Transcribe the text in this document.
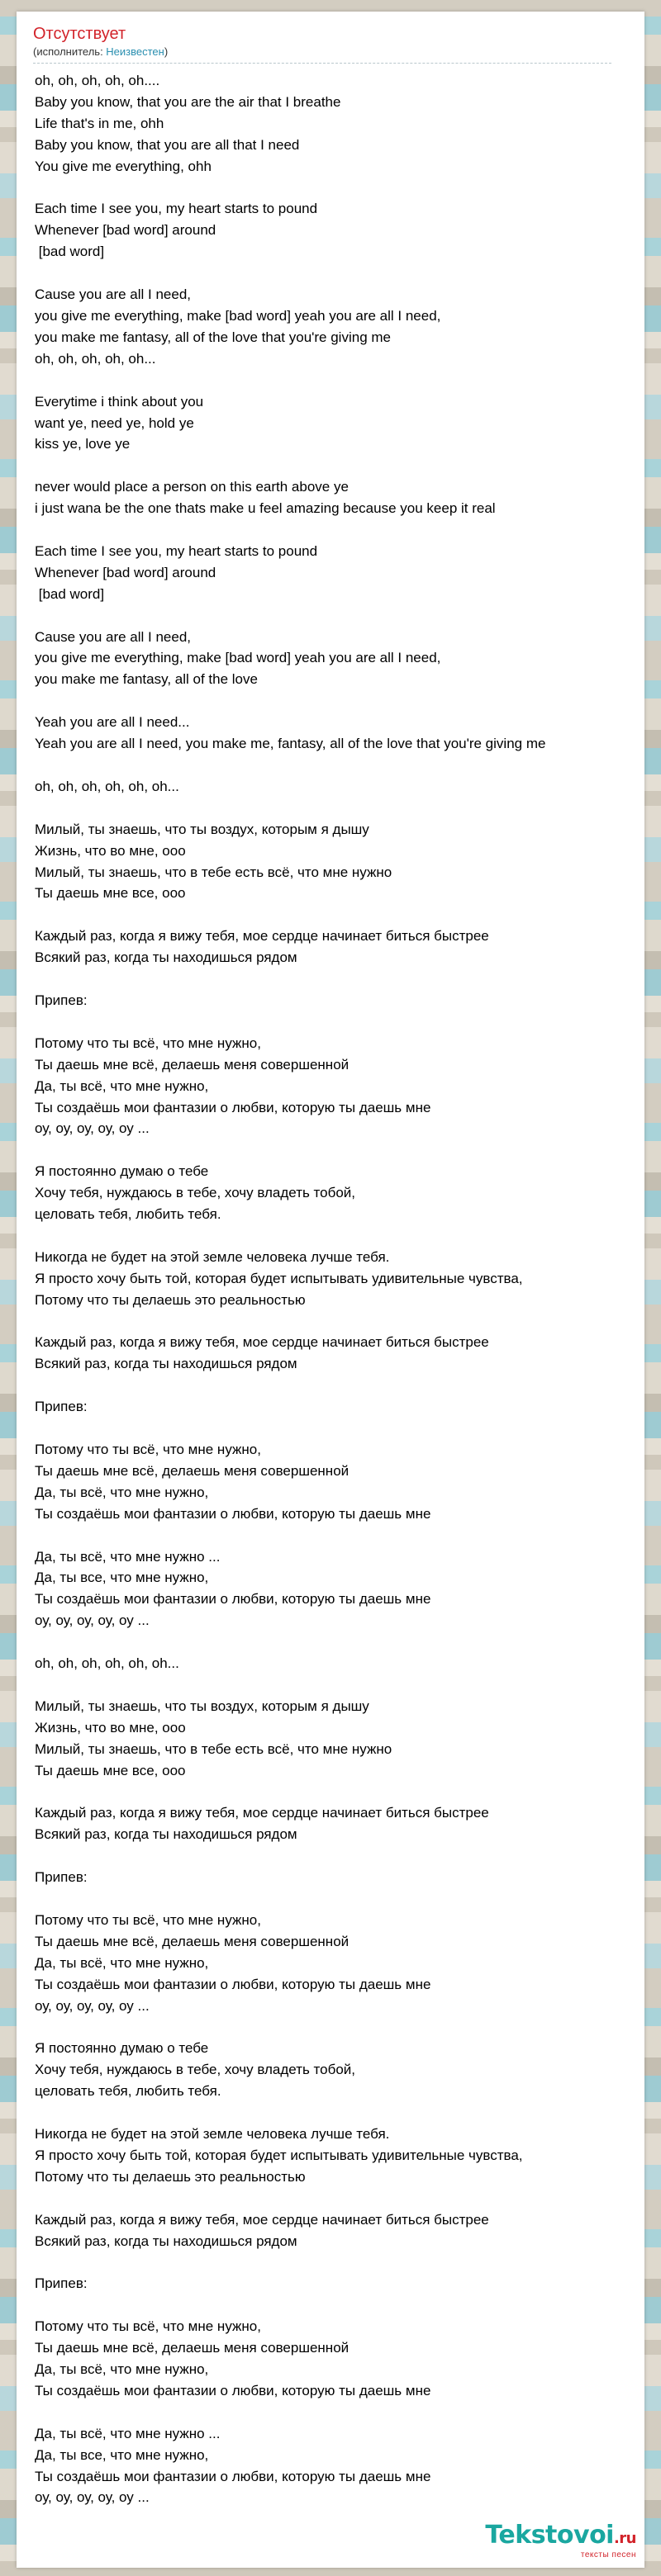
Отсутствует
(исполнитель: Неизвестен)
oh, oh, oh, oh, oh....
Baby you know, that you are the air that I breathe
Life that's in me, ohh
Baby you know, that you are all that I need
You give me everything, ohh

Each time I see you, my heart starts to pound
Whenever [bad word] around
[bad word]

Cause you are all I need,
you give me everything, make [bad word] yeah you are all I need,
you make me fantasy, all of the love that you're giving me
oh, oh, oh, oh, oh...

Everytime i think about you
want ye, need ye, hold ye
kiss ye, love ye

never would place a person on this earth above ye
i just wana be the one thats make u feel amazing because you keep it real

Each time I see you, my heart starts to pound
Whenever [bad word] around
[bad word]

Cause you are all I need,
you give me everything, make [bad word] yeah you are all I need,
you make me fantasy, all of the love

Yeah you are all I need...
Yeah you are all I need, you make me, fantasy, all of the love that you're giving me

oh, oh, oh, oh, oh, oh...

Милый, ты знаешь, что ты воздух, которым я дышу
Жизнь, что во мне, ооо
Милый, ты знаешь, что в тебе есть всё, что мне нужно
Ты даешь мне все, ооо

Каждый раз, когда я вижу тебя, мое сердце начинает биться быстрее
Всякий раз, когда ты находишься рядом

Припев:

Потому что ты всё, что мне нужно,
Ты даешь мне всё, делаешь меня совершенной
Да, ты всё, что мне нужно,
Ты создаёшь мои фантазии о любви, которую ты даешь мне
оу, оу, оу, оу, оу ...

Я постоянно думаю о тебе
Хочу тебя, нуждаюсь в тебе, хочу владеть тобой,
целовать тебя, любить тебя.

Никогда не будет на этой земле человека лучше тебя.
Я просто хочу быть той, которая будет испытывать удивительные чувства,
Потому что ты делаешь это реальностью

Каждый раз, когда я вижу тебя, мое сердце начинает биться быстрее
Всякий раз, когда ты находишься рядом

Припев:

Потому что ты всё, что мне нужно,
Ты даешь мне всё, делаешь меня совершенной
Да, ты всё, что мне нужно,
Ты создаёшь мои фантазии о любви, которую ты даешь мне

Да, ты всё, что мне нужно ...
Да, ты все, что мне нужно,
Ты создаёшь мои фантазии о любви, которую ты даешь мне
оу, оу, оу, оу, оу ...

oh, oh, oh, oh, oh, oh...

Милый, ты знаешь, что ты воздух, которым я дышу
Жизнь, что во мне, ооо
Милый, ты знаешь, что в тебе есть всё, что мне нужно
Ты даешь мне все, ооо

Каждый раз, когда я вижу тебя, мое сердце начинает биться быстрее
Всякий раз, когда ты находишься рядом

Припев:

Потому что ты всё, что мне нужно,
Ты даешь мне всё, делаешь меня совершенной
Да, ты всё, что мне нужно,
Ты создаёшь мои фантазии о любви, которую ты даешь мне
оу, оу, оу, оу, оу ...

Я постоянно думаю о тебе
Хочу тебя, нуждаюсь в тебе, хочу владеть тобой,
целовать тебя, любить тебя.

Никогда не будет на этой земле человека лучше тебя.
Я просто хочу быть той, которая будет испытывать удивительные чувства,
Потому что ты делаешь это реальностью

Каждый раз, когда я вижу тебя, мое сердце начинает биться быстрее
Всякий раз, когда ты находишься рядом

Припев:

Потому что ты всё, что мне нужно,
Ты даешь мне всё, делаешь меня совершенной
Да, ты всё, что мне нужно,
Ты создаёшь мои фантазии о любви, которую ты даешь мне

Да, ты всё, что мне нужно ...
Да, ты все, что мне нужно,
Ты создаёшь мои фантазии о любви, которую ты даешь мне
оу, оу, оу, оу, оу ...
Tekstovoi.ru
тексты песен
